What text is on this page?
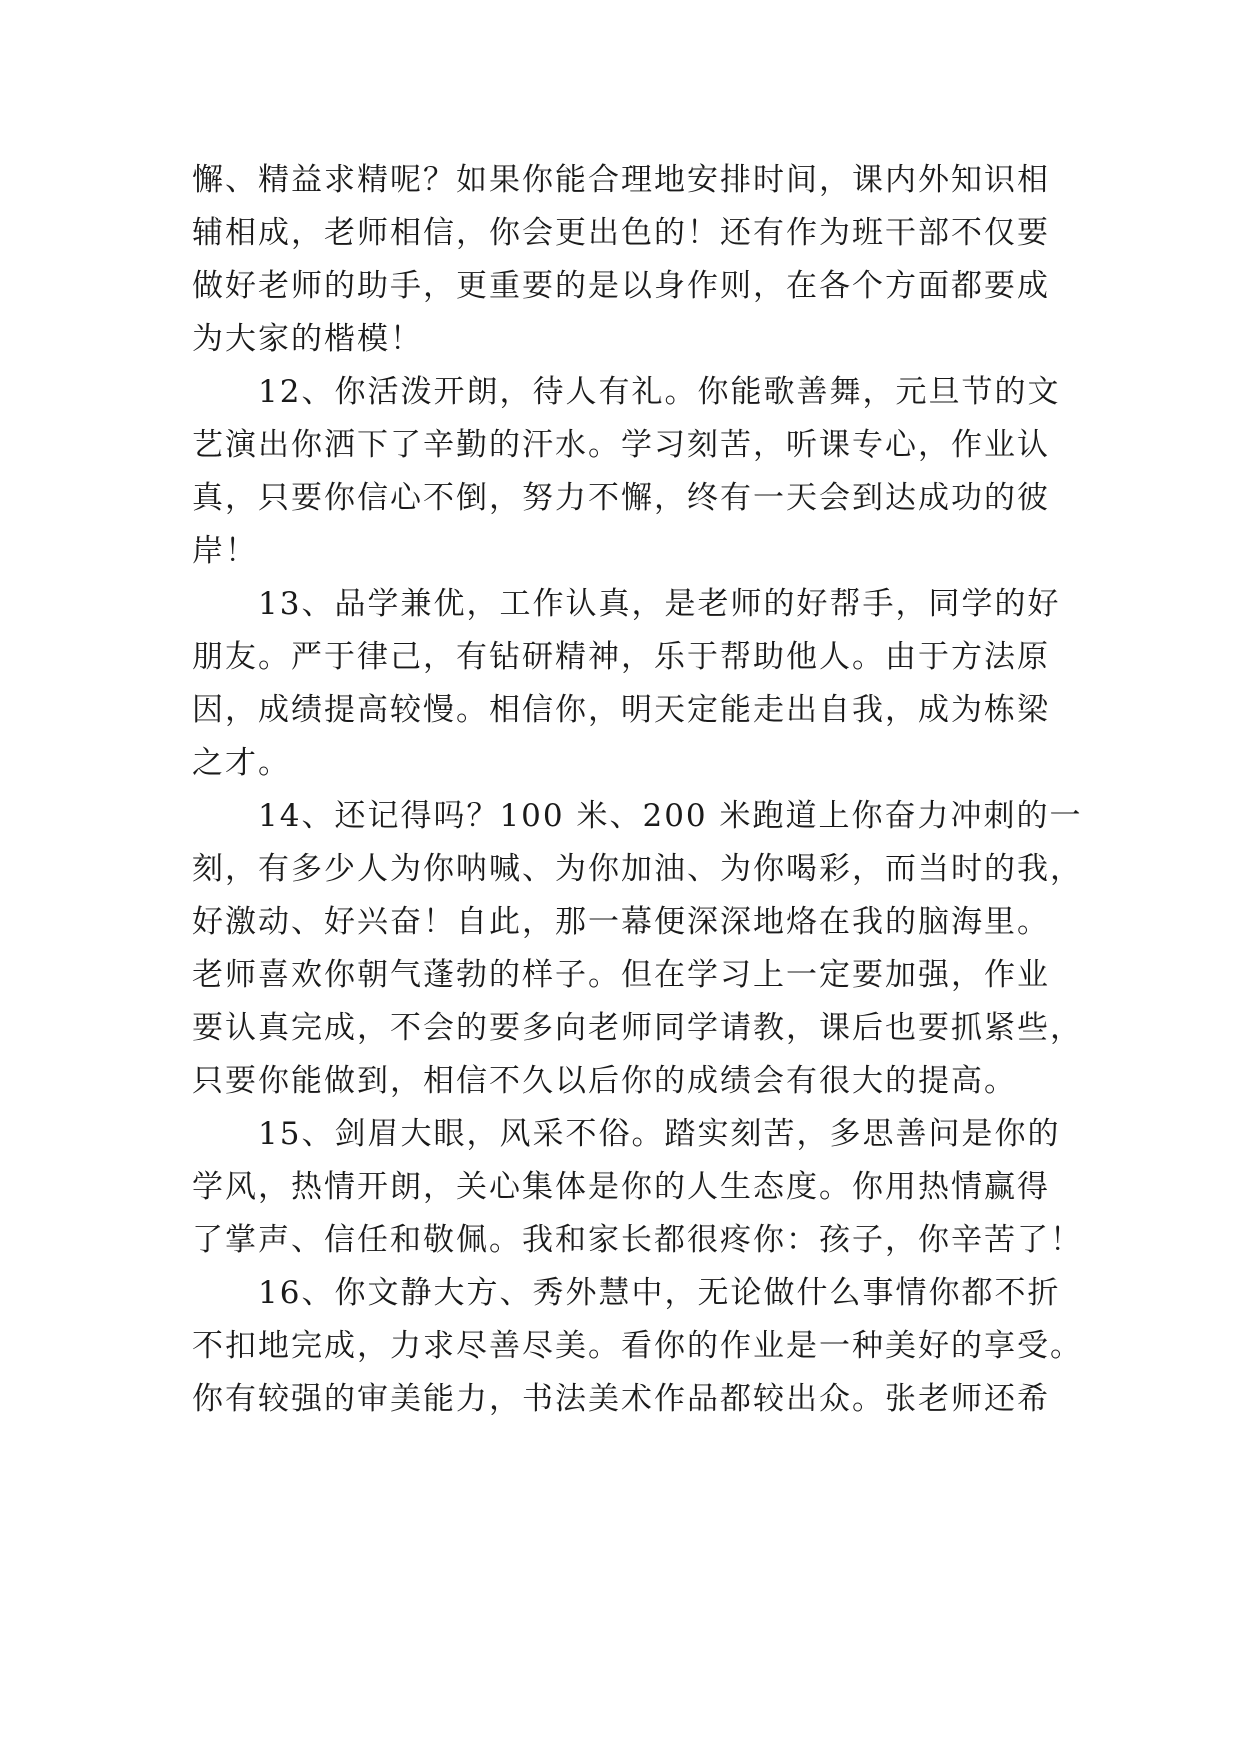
懈、精益求精呢？如果你能合理地安排时间，课内外知识相
辅相成，老师相信，你会更出色的！还有作为班干部不仅要
做好老师的助手，更重要的是以身作则，在各个方面都要成
为大家的楷模！
　　12、你活泼开朗，待人有礼。你能歌善舞，元旦节的文
艺演出你洒下了辛勤的汗水。学习刻苦，听课专心，作业认
真，只要你信心不倒，努力不懈，终有一天会到达成功的彼
岸！
　　13、品学兼优，工作认真，是老师的好帮手，同学的好
朋友。严于律己，有钻研精神，乐于帮助他人。由于方法原
因，成绩提高较慢。相信你，明天定能走出自我，成为栋梁
之才。
　　14、还记得吗？100 米、200 米跑道上你奋力冲刺的一
刻，有多少人为你呐喊、为你加油、为你喝彩，而当时的我，
好激动、好兴奋！自此，那一幕便深深地烙在我的脑海里。
老师喜欢你朝气蓬勃的样子。但在学习上一定要加强，作业
要认真完成，不会的要多向老师同学请教，课后也要抓紧些，
只要你能做到，相信不久以后你的成绩会有很大的提高。
　　15、剑眉大眼，风采不俗。踏实刻苦，多思善问是你的
学风，热情开朗，关心集体是你的人生态度。你用热情赢得
了掌声、信任和敬佩。我和家长都很疼你：孩子，你辛苦了！
　　16、你文静大方、秀外慧中，无论做什么事情你都不折
不扣地完成，力求尽善尽美。看你的作业是一种美好的享受。
你有较强的审美能力，书法美术作品都较出众。张老师还希
